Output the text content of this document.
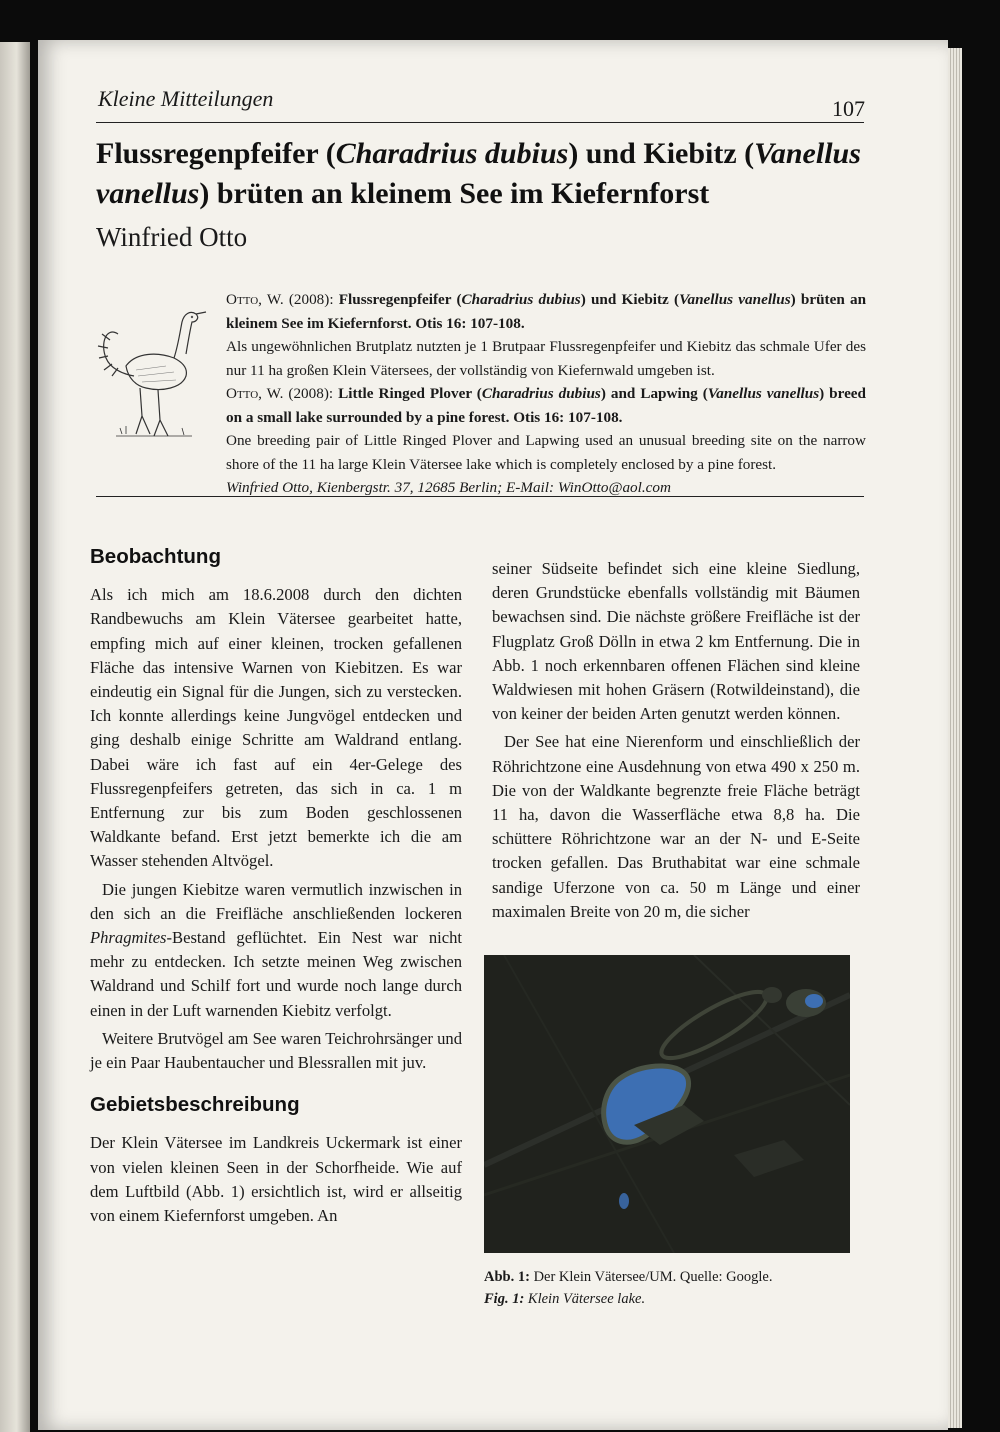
Kleine Mitteilungen	107
Flussregenpfeifer (Charadrius dubius) und Kiebitz (Vanellus vanellus) brüten an kleinem See im Kiefernforst
Winfried Otto

Otto, W. (2008): Flussregenpfeifer (Charadrius dubius) und Kiebitz (Vanellus vanellus) brüten an kleinem See im Kiefernforst. Otis 16: 107-108.

Als ungewöhnlichen Brutplatz nutzten je 1 Brutpaar Flussregenpfeifer und Kiebitz das schmale Ufer des nur 11 ha großen Klein Vätersees, der vollständig von Kiefernwald umgeben ist.

Otto, W. (2008): Little Ringed Plover (Charadrius dubius) and Lapwing (Vanellus vanellus) breed on a small lake surrounded by a pine forest. Otis 16: 107-108.

One breeding pair of Little Ringed Plover and Lapwing used an unusual breeding site on the narrow shore of the 11 ha large Klein Vätersee lake which is completely enclosed by a pine forest.

Winfried Otto, Kienbergstr. 37, 12685 Berlin; E-Mail: WinOtto@aol.com

Beobachtung

Als ich mich am 18.6.2008 durch den dichten Randbewuchs am Klein Vätersee gearbeitet hatte, empfing mich auf einer kleinen, trocken gefallenen Fläche das intensive Warnen von Kiebitzen. Es war eindeutig ein Signal für die Jungen, sich zu verstecken. Ich konnte allerdings keine Jungvögel entdecken und ging deshalb einige Schritte am Waldrand entlang. Dabei wäre ich fast auf ein 4er-Gelege des Flussregenpfeifers getreten, das sich in ca. 1 m Entfernung zur bis zum Boden geschlossenen Waldkante befand. Erst jetzt bemerkte ich die am Wasser stehenden Altvögel.

Die jungen Kiebitze waren vermutlich inzwischen in den sich an die Freifläche anschließenden lockeren Phragmites-Bestand geflüchtet. Ein Nest war nicht mehr zu entdecken. Ich setzte meinen Weg zwischen Waldrand und Schilf fort und wurde noch lange durch einen in der Luft warnenden Kiebitz verfolgt.

Weitere Brutvögel am See waren Teichrohrsänger und je ein Paar Haubentaucher und Blessrallen mit juv.

Gebietsbeschreibung

Der Klein Vätersee im Landkreis Uckermark ist einer von vielen kleinen Seen in der Schorfheide. Wie auf dem Luftbild (Abb. 1) ersichtlich ist, wird er allseitig von einem Kiefernforst umgeben. An

seiner Südseite befindet sich eine kleine Siedlung, deren Grundstücke ebenfalls vollständig mit Bäumen bewachsen sind. Die nächste größere Freifläche ist der Flugplatz Groß Dölln in etwa 2 km Entfernung. Die in Abb. 1 noch erkennbaren offenen Flächen sind kleine Waldwiesen mit hohen Gräsern (Rotwildeinstand), die von keiner der beiden Arten genutzt werden können.

Der See hat eine Nierenform und einschließlich der Röhrichtzone eine Ausdehnung von etwa 490 x 250 m. Die von der Waldkante begrenzte freie Fläche beträgt 11 ha, davon die Wasserfläche etwa 8,8 ha. Die schüttere Röhrichtzone war an der N- und E-Seite trocken gefallen. Das Bruthabitat war eine schmale sandige Uferzone von ca. 50 m Länge und einer maximalen Breite von 20 m, die sicher

Abb. 1: Der Klein Vätersee/UM. Quelle: Google.
Fig. 1: Klein Vätersee lake.
